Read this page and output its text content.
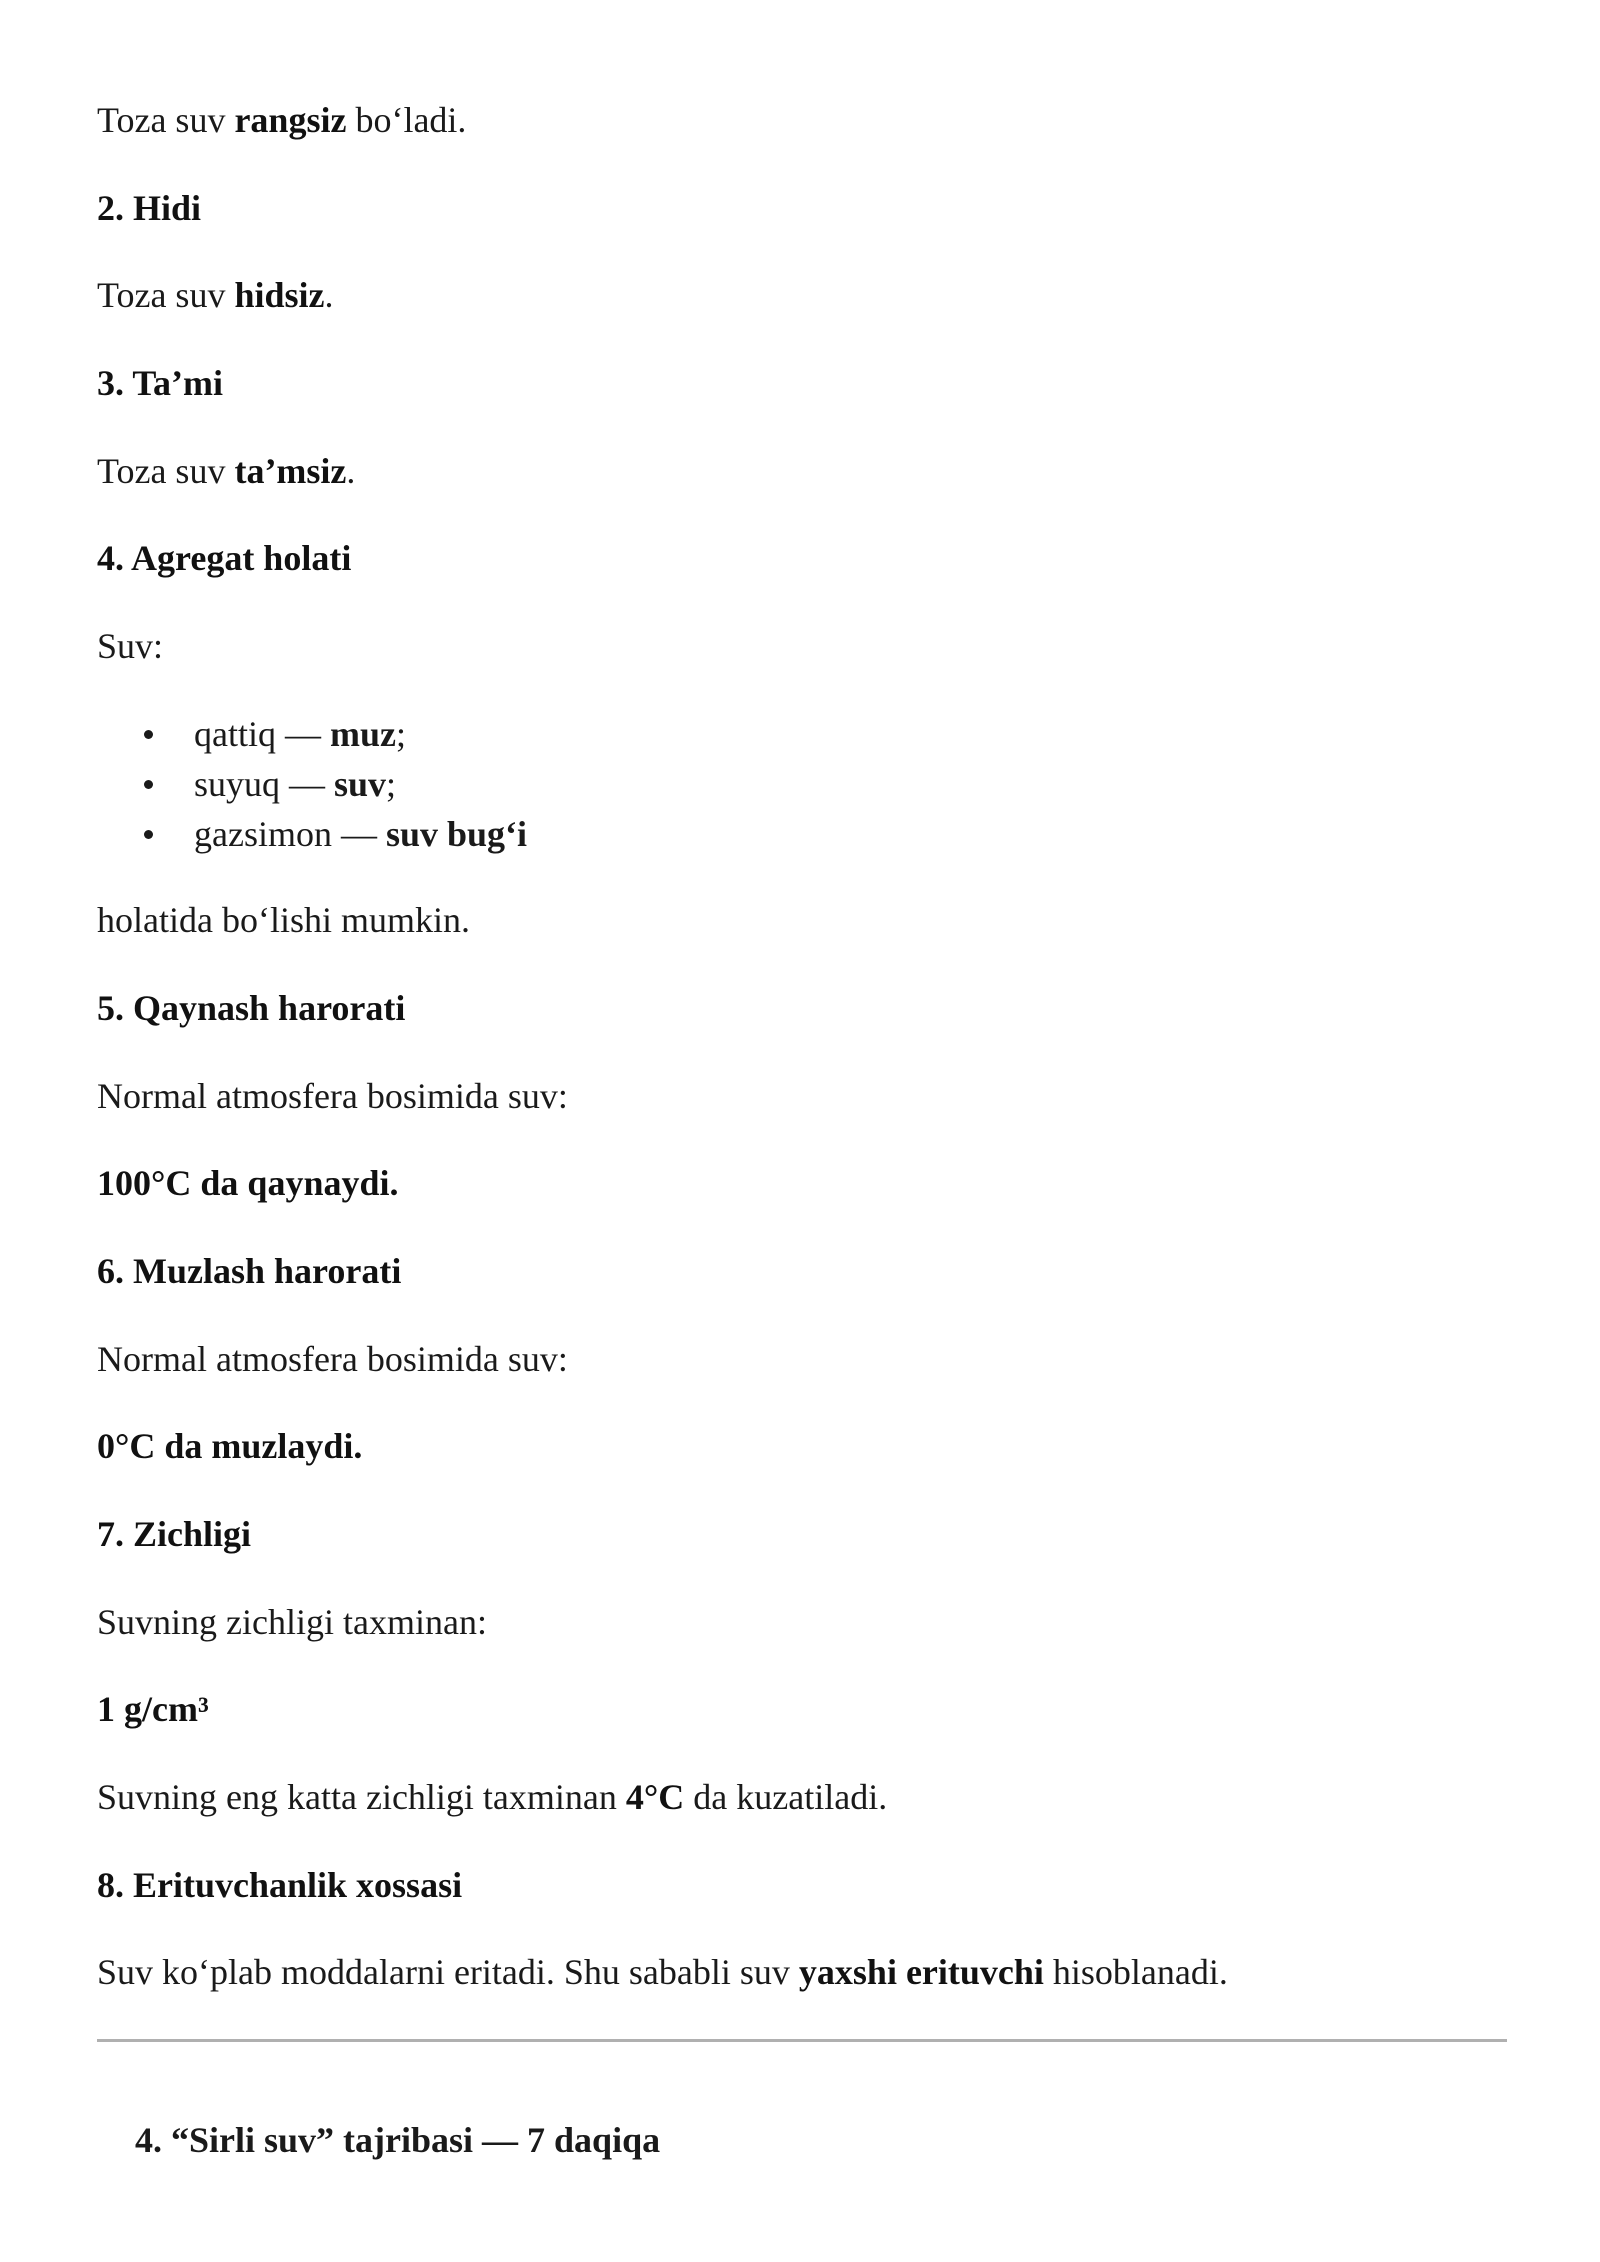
Toza suv rangsiz bo‘ladi.
2. Hidi
Toza suv hidsiz.
3. Ta’mi
Toza suv ta’msiz.
4. Agregat holati
Suv:
qattiq — muz;
suyuq — suv;
gazsimon — suv bug‘i
holatida bo‘lishi mumkin.
5. Qaynash harorati
Normal atmosfera bosimida suv:
100°C da qaynaydi.
6. Muzlash harorati
Normal atmosfera bosimida suv:
0°C da muzlaydi.
7. Zichligi
Suvning zichligi taxminan:
1 g/cm³
Suvning eng katta zichligi taxminan 4°C da kuzatiladi.
8. Erituvchanlik xossasi
Suv ko‘plab moddalarni eritadi. Shu sababli suv yaxshi erituvchi hisoblanadi.
4. “Sirli suv” tajribasi — 7 daqiqa
